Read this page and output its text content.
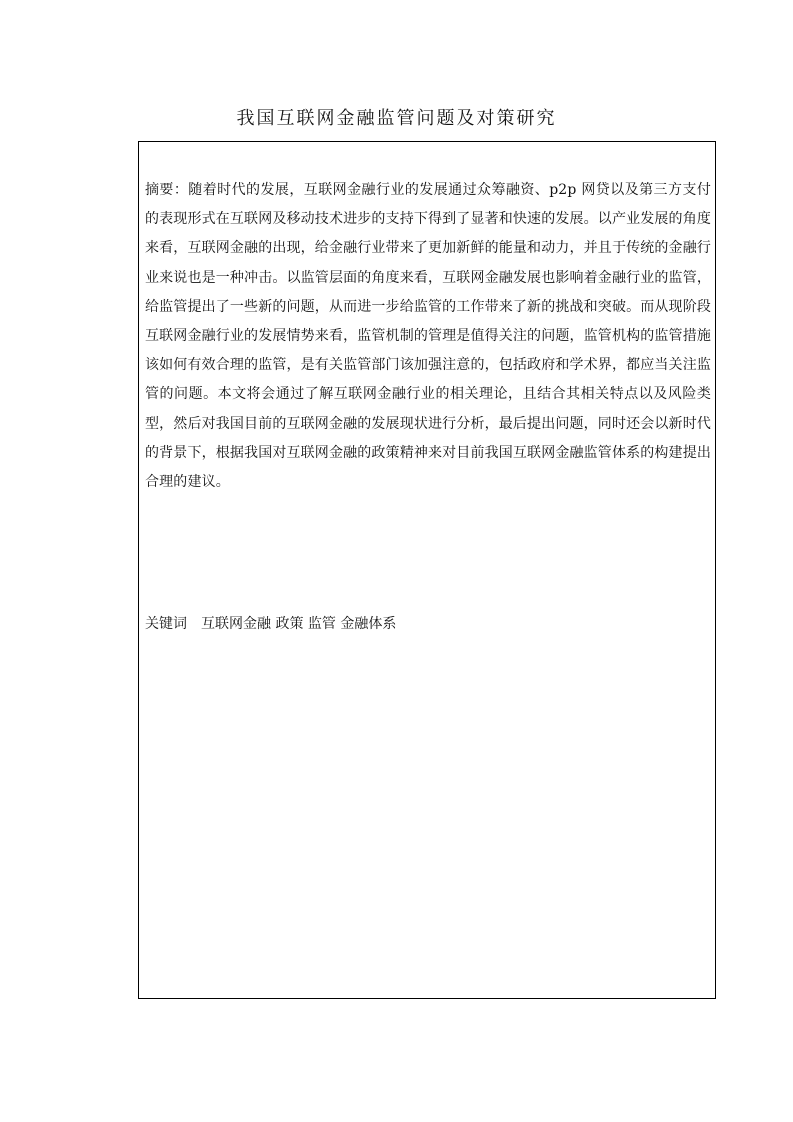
我国互联网金融监管问题及对策研究
摘要：随着时代的发展，互联网金融行业的发展通过众筹融资、p2p 网贷以及第三方支付的表现形式在互联网及移动技术进步的支持下得到了显著和快速的发展。以产业发展的角度来看，互联网金融的出现，给金融行业带来了更加新鲜的能量和动力，并且于传统的金融行业来说也是一种冲击。以监管层面的角度来看，互联网金融发展也影响着金融行业的监管，给监管提出了一些新的问题，从而进一步给监管的工作带来了新的挑战和突破。而从现阶段互联网金融行业的发展情势来看，监管机制的管理是值得关注的问题，监管机构的监管措施该如何有效合理的监管，是有关监管部门该加强注意的，包括政府和学术界，都应当关注监管的问题。本文将会通过了解互联网金融行业的相关理论，且结合其相关特点以及风险类型，然后对我国目前的互联网金融的发展现状进行分析，最后提出问题，同时还会以新时代的背景下，根据我国对互联网金融的政策精神来对目前我国互联网金融监管体系的构建提出合理的建议。
关键词　互联网金融 政策 监管 金融体系
